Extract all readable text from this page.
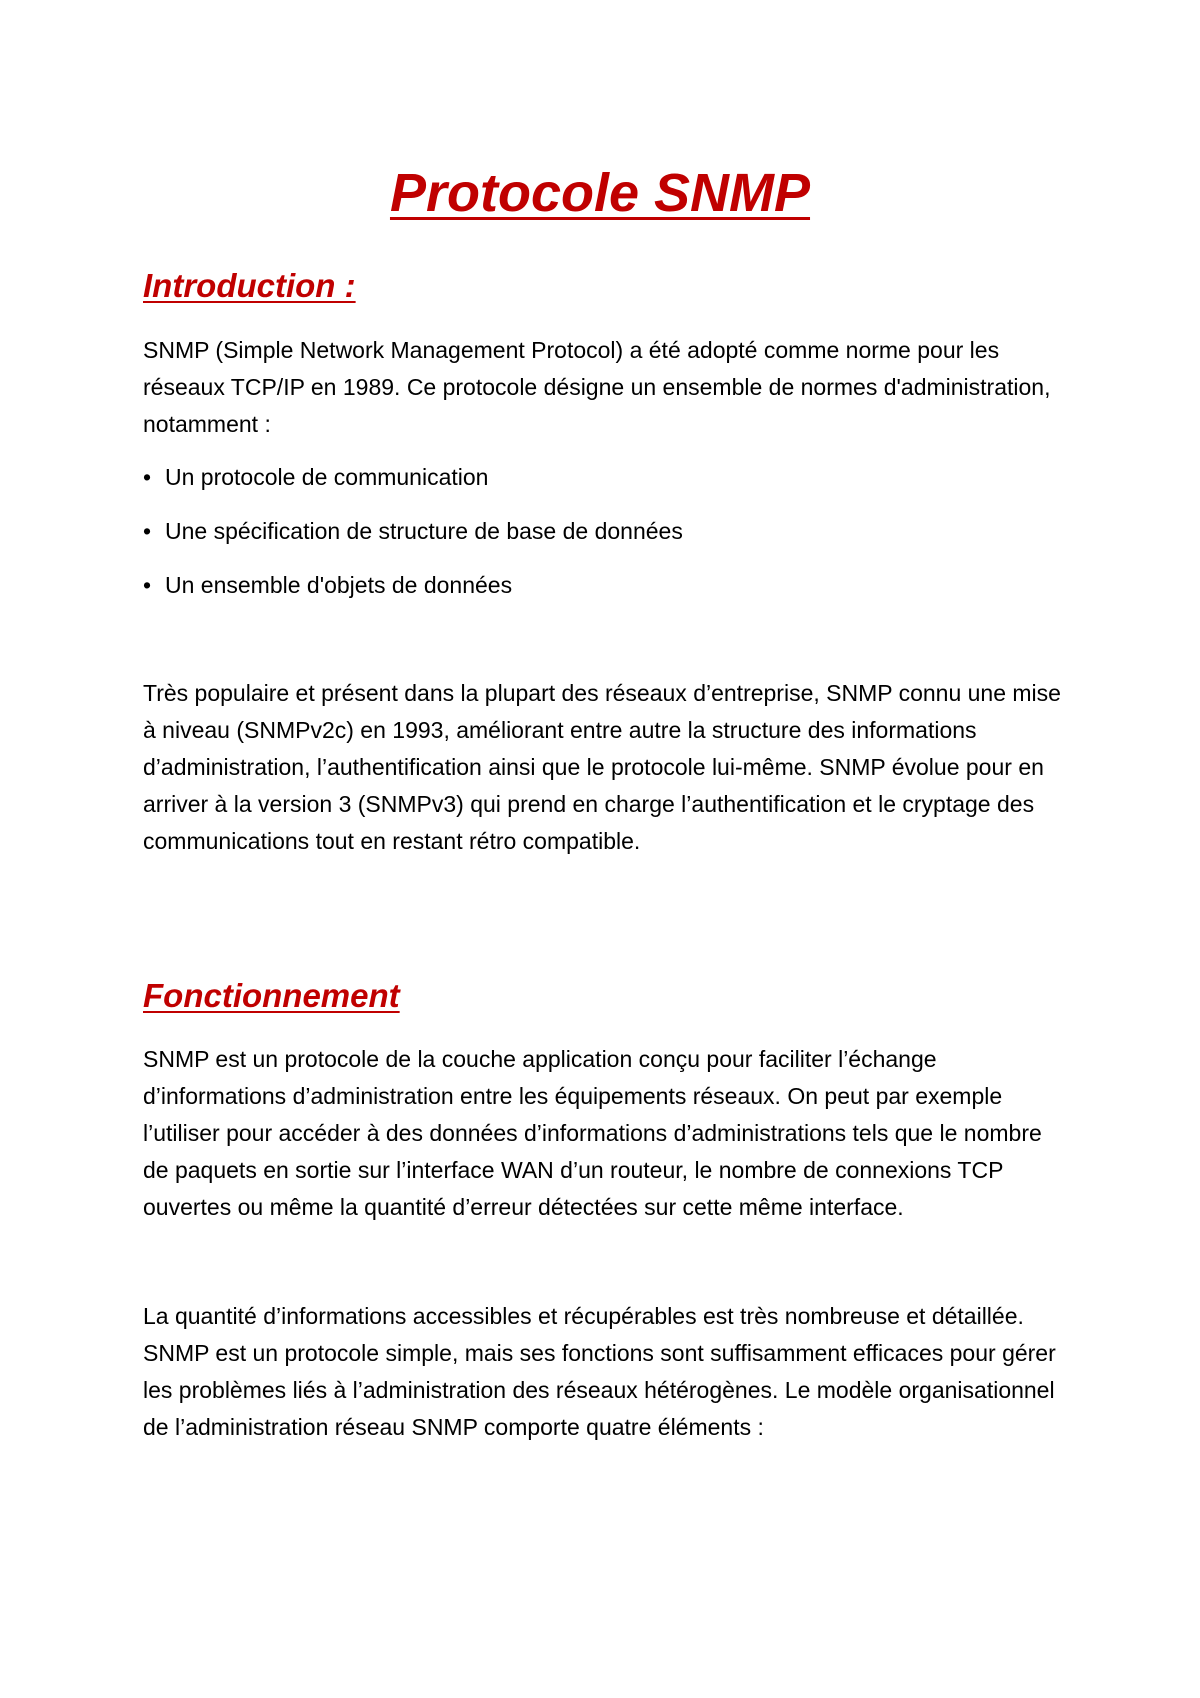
Protocole SNMP
Introduction :

SNMP (Simple Network Management Protocol) a été adopté comme norme pour les réseaux TCP/IP en 1989. Ce protocole désigne un ensemble de normes d'administration, notamment :

• Un protocole de communication
• Une spécification de structure de base de données
• Un ensemble d'objets de données

Très populaire et présent dans la plupart des réseaux d’entreprise, SNMP connu une mise à niveau (SNMPv2c) en 1993, améliorant entre autre la structure des informations d’administration, l’authentification ainsi que le protocole lui-même. SNMP évolue pour en arriver à la version 3 (SNMPv3) qui prend en charge l’authentification et le cryptage des communications tout en restant rétro compatible.

Fonctionnement

SNMP est un protocole de la couche application conçu pour faciliter l’échange d’informations d’administration entre les équipements réseaux. On peut par exemple l’utiliser pour accéder à des données d’informations d’administrations tels que le nombre de paquets en sortie sur l’interface WAN d’un routeur, le nombre de connexions TCP ouvertes ou même la quantité d’erreur détectées sur cette même interface.

La quantité d’informations accessibles et récupérables est très nombreuse et détaillée. SNMP est un protocole simple, mais ses fonctions sont suffisamment efficaces pour gérer les problèmes liés à l’administration des réseaux hétérogènes. Le modèle organisationnel de l’administration réseau SNMP comporte quatre éléments :
